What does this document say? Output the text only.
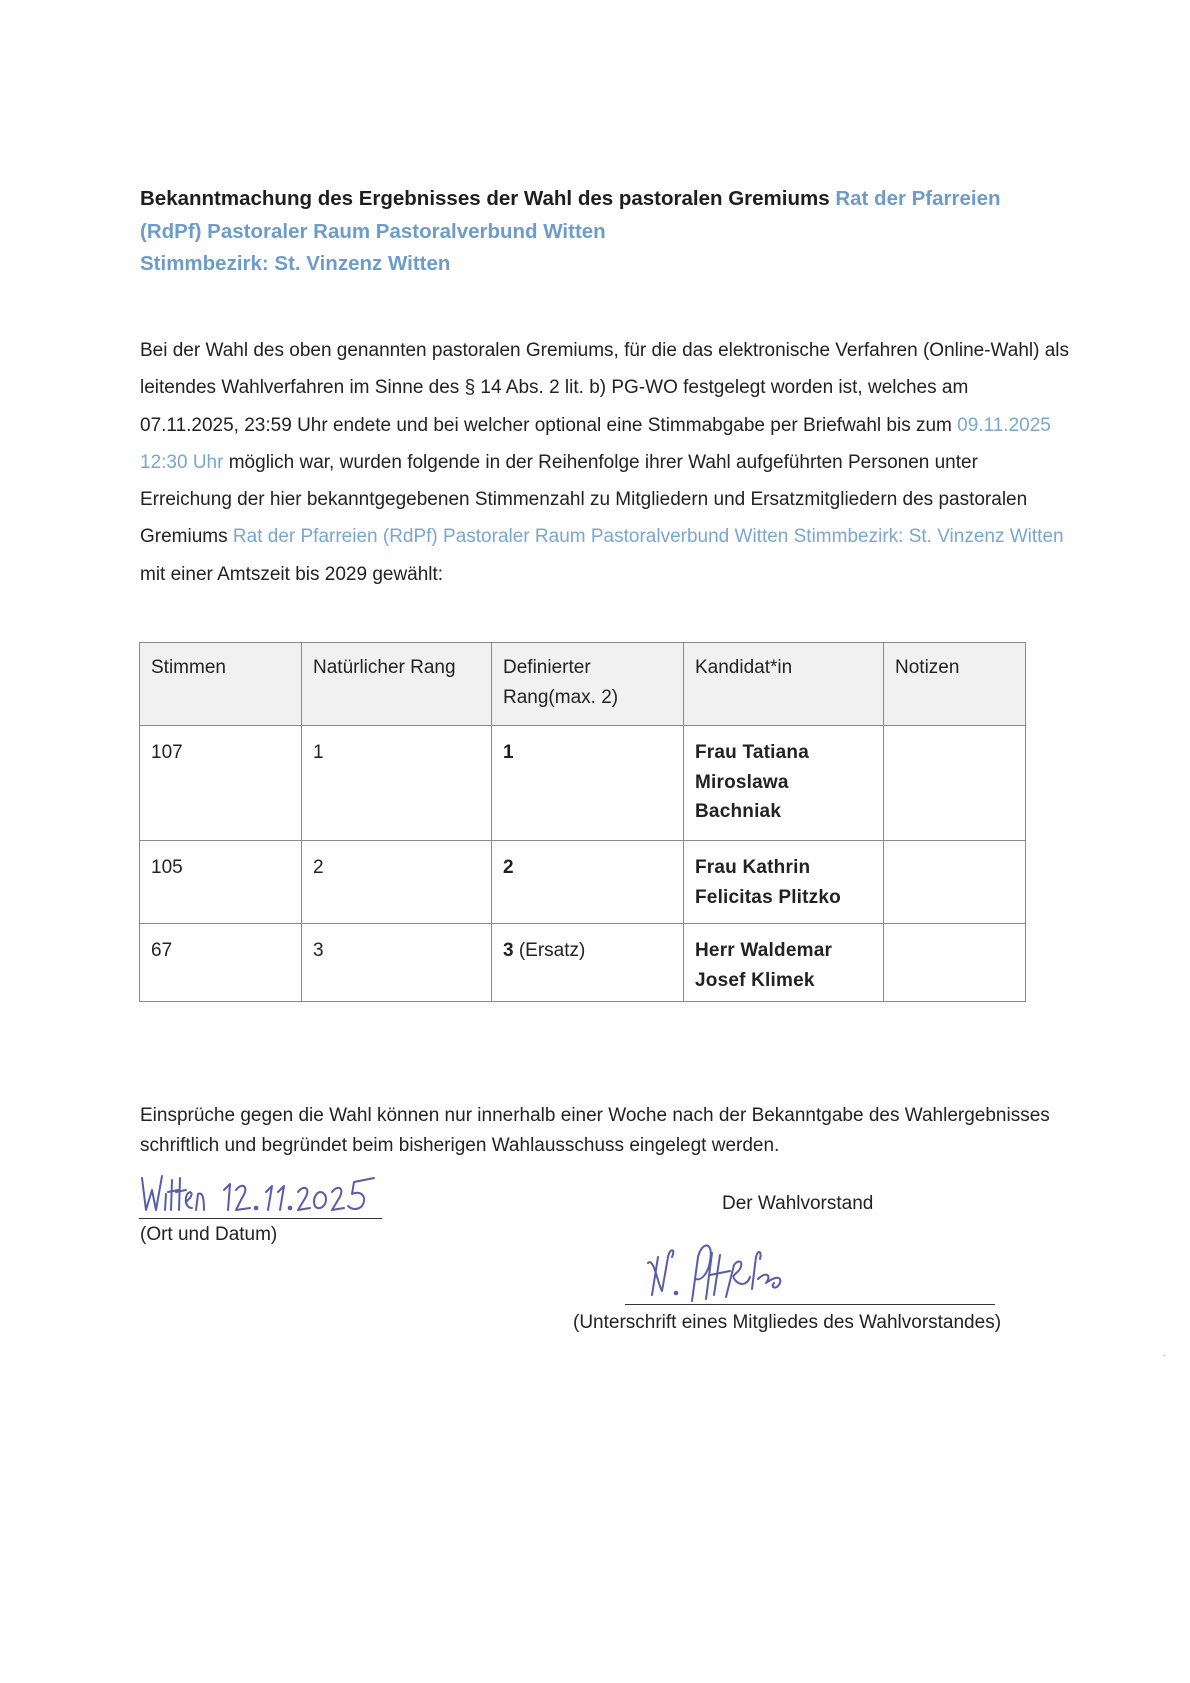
Bekanntmachung des Ergebnisses der Wahl des pastoralen Gremiums Rat der Pfarreien (RdPf) Pastoraler Raum Pastoralverbund Witten
Stimmbezirk: St. Vinzenz Witten
Bei der Wahl des oben genannten pastoralen Gremiums, für die das elektronische Verfahren (Online-Wahl) als leitendes Wahlverfahren im Sinne des § 14 Abs. 2 lit. b) PG-WO festgelegt worden ist, welches am 07.11.2025, 23:59 Uhr endete und bei welcher optional eine Stimmabgabe per Briefwahl bis zum 09.11.2025 12:30 Uhr möglich war, wurden folgende in der Reihenfolge ihrer Wahl aufgeführten Personen unter Erreichung der hier bekanntgegebenen Stimmenzahl zu Mitgliedern und Ersatzmitgliedern des pastoralen Gremiums Rat der Pfarreien (RdPf) Pastoraler Raum Pastoralverbund Witten Stimmbezirk: St. Vinzenz Witten mit einer Amtszeit bis 2029 gewählt:
Stimmen	Natürlicher Rang	Definierter Rang(max. 2)	Kandidat*in	Notizen
107	1	1	Frau Tatiana Miroslawa Bachniak	
105	2	2	Frau Kathrin Felicitas Plitzko	
67	3	3 (Ersatz)	Herr Waldemar Josef Klimek	
Einsprüche gegen die Wahl können nur innerhalb einer Woche nach der Bekanntgabe des Wahlergebnisses schriftlich und begründet beim bisherigen Wahlausschuss eingelegt werden.
(Ort und Datum)
Der Wahlvorstand
(Unterschrift eines Mitgliedes des Wahlvorstandes)
